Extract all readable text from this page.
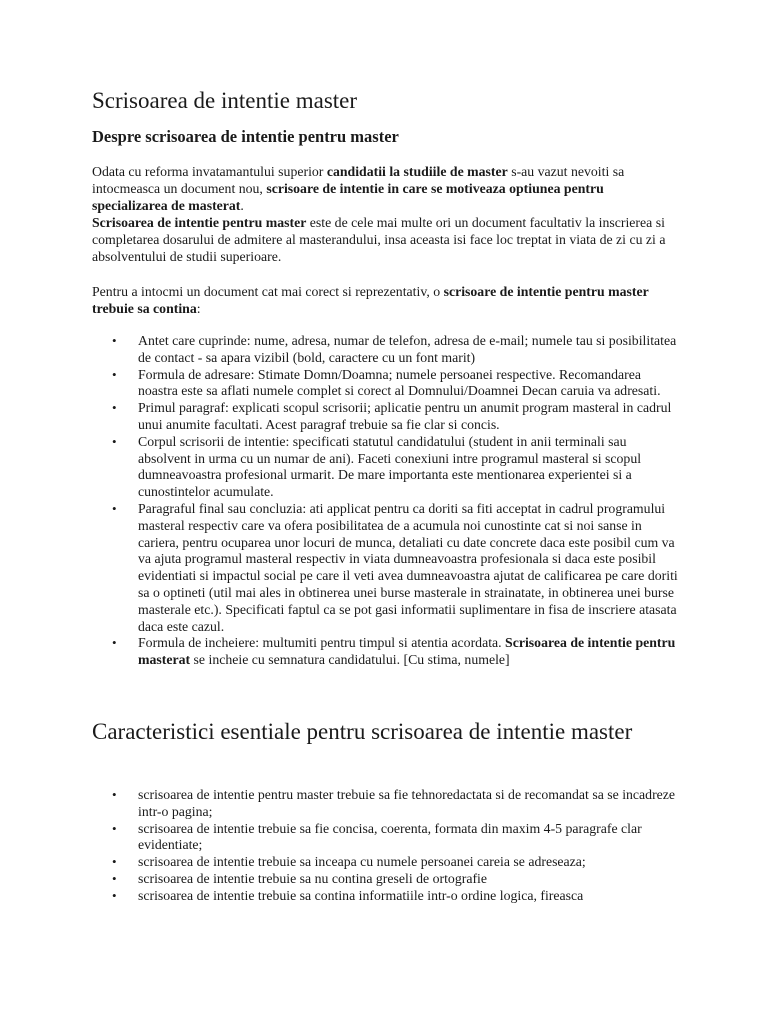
Scrisoarea de intentie master
Despre scrisoarea de intentie pentru master

Odata cu reforma invatamantului superior candidatii la studiile de master s-au vazut nevoiti sa intocmeasca un document nou, scrisoare de intentie in care se motiveaza optiunea pentru specializarea de masterat.
Scrisoarea de intentie pentru master este de cele mai multe ori un document facultativ la inscrierea si completarea dosarului de admitere al masterandului, insa aceasta isi face loc treptat in viata de zi cu zi a absolventului de studii superioare.

Pentru a intocmi un document cat mai corect si reprezentativ, o scrisoare de intentie pentru master trebuie sa contina:

• Antet care cuprinde: nume, adresa, numar de telefon, adresa de e-mail; numele tau si posibilitatea de contact - sa apara vizibil (bold, caractere cu un font marit)
• Formula de adresare: Stimate Domn/Doamna; numele persoanei respective. Recomandarea noastra este sa aflati numele complet si corect al Domnului/Doamnei Decan caruia va adresati.
• Primul paragraf: explicati scopul scrisorii; aplicatie pentru un anumit program masteral in cadrul unui anumite facultati. Acest paragraf trebuie sa fie clar si concis.
• Corpul scrisorii de intentie: specificati statutul candidatului (student in anii terminali sau absolvent in urma cu un numar de ani). Faceti conexiuni intre programul masteral si scopul dumneavoastra profesional urmarit. De mare importanta este mentionarea experientei si a cunostintelor acumulate.
• Paragraful final sau concluzia: ati applicat pentru ca doriti sa fiti acceptat in cadrul programului masteral respectiv care va ofera posibilitatea de a acumula noi cunostinte cat si noi sanse in cariera, pentru ocuparea unor locuri de munca, detaliati cu date concrete daca este posibil cum va va ajuta programul masteral respectiv in viata dumneavoastra profesionala si daca este posibil evidentiati si impactul social pe care il veti avea dumneavoastra ajutat de calificarea pe care doriti sa o optineti (util mai ales in obtinerea unei burse masterale in strainatate, in obtinerea unei burse masterale etc.). Specificati faptul ca se pot gasi informatii suplimentare in fisa de inscriere atasata daca este cazul.
• Formula de incheiere: multumiti pentru timpul si atentia acordata. Scrisoarea de intentie pentru masterat se incheie cu semnatura candidatului. [Cu stima, numele]
Caracteristici esentiale pentru scrisoarea de intentie master
• scrisoarea de intentie pentru master trebuie sa fie tehnoredactata si de recomandat sa se incadreze intr-o pagina;
• scrisoarea de intentie trebuie sa fie concisa, coerenta, formata din maxim 4-5 paragrafe clar evidentiate;
• scrisoarea de intentie trebuie sa inceapa cu numele persoanei careia se adreseaza;
• scrisoarea de intentie trebuie sa nu contina greseli de ortografie
• scrisoarea de intentie trebuie sa contina informatiile intr-o ordine logica, fireasca
